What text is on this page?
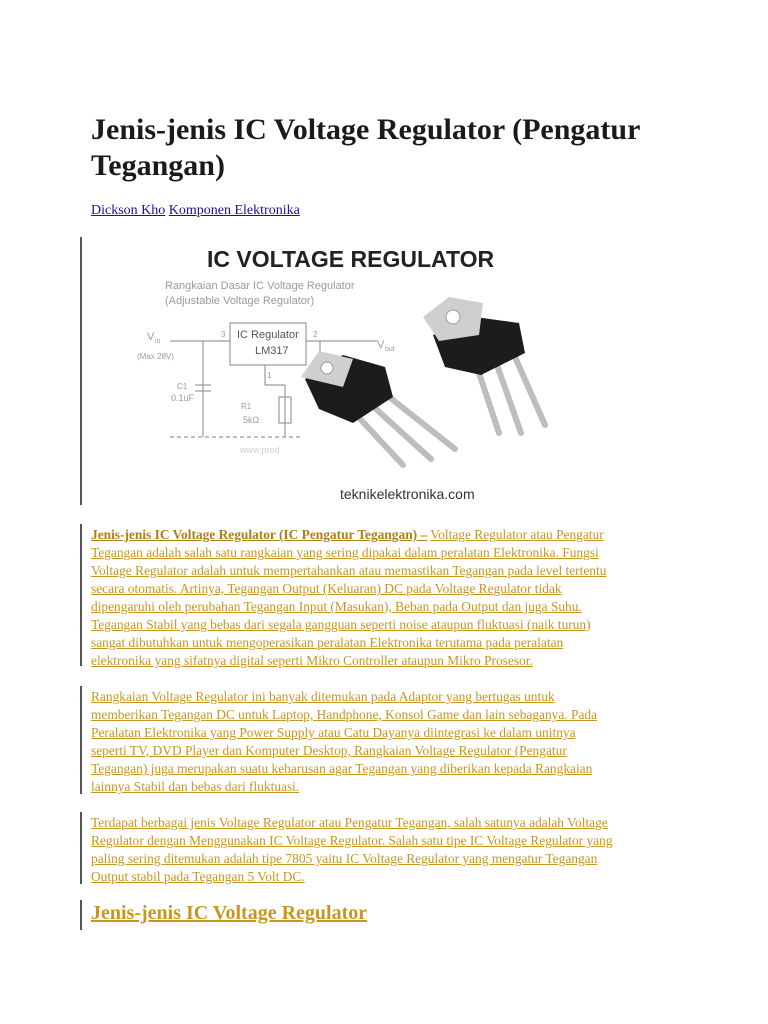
Jenis-jenis IC Voltage Regulator (Pengatur Tegangan)
Dickson Kho Komponen Elektronika
IC VOLTAGE REGULATOR
Rangkaian Dasar IC Voltage Regulator
(Adjustable Voltage Regulator)
V in
(Max 28V)
V out
IC Regulator
LM317
3	2
1
C1
0.1uF
R1
5kΩ
www.prod
teknikelektronika.com

Jenis-jenis IC Voltage Regulator (IC Pengatur Tegangan) – Voltage Regulator atau Pengatur
Tegangan adalah salah satu rangkaian yang sering dipakai dalam peralatan Elektronika. Fungsi
Voltage Regulator adalah untuk mempertahankan atau memastikan Tegangan pada level tertentu
secara otomatis. Artinya, Tegangan Output (Keluaran) DC pada Voltage Regulator tidak
dipengaruhi oleh perubahan Tegangan Input (Masukan), Beban pada Output dan juga Suhu.
Tegangan Stabil yang bebas dari segala gangguan seperti noise ataupun fluktuasi (naik turun)
sangat dibutuhkan untuk mengoperasikan peralatan Elektronika terutama pada peralatan
elektronika yang sifatnya digital seperti Mikro Controller ataupun Mikro Prosesor.

Rangkaian Voltage Regulator ini banyak ditemukan pada Adaptor yang bertugas untuk
memberikan Tegangan DC untuk Laptop, Handphone, Konsol Game dan lain sebaganya. Pada
Peralatan Elektronika yang Power Supply atau Catu Dayanya diintegrasi ke dalam unitnya
seperti TV, DVD Player dan Komputer Desktop, Rangkaian Voltage Regulator (Pengatur
Tegangan) juga merupakan suatu keharusan agar Tegangan yang diberikan kepada Rangkaian
lainnya Stabil dan bebas dari fluktuasi.

Terdapat berbagai jenis Voltage Regulator atau Pengatur Tegangan, salah satunya adalah Voltage
Regulator dengan Menggunakan IC Voltage Regulator. Salah satu tipe IC Voltage Regulator yang
paling sering ditemukan adalah tipe 7805 yaitu IC Voltage Regulator yang mengatur Tegangan
Output stabil pada Tegangan 5 Volt DC.

Jenis-jenis IC Voltage Regulator
